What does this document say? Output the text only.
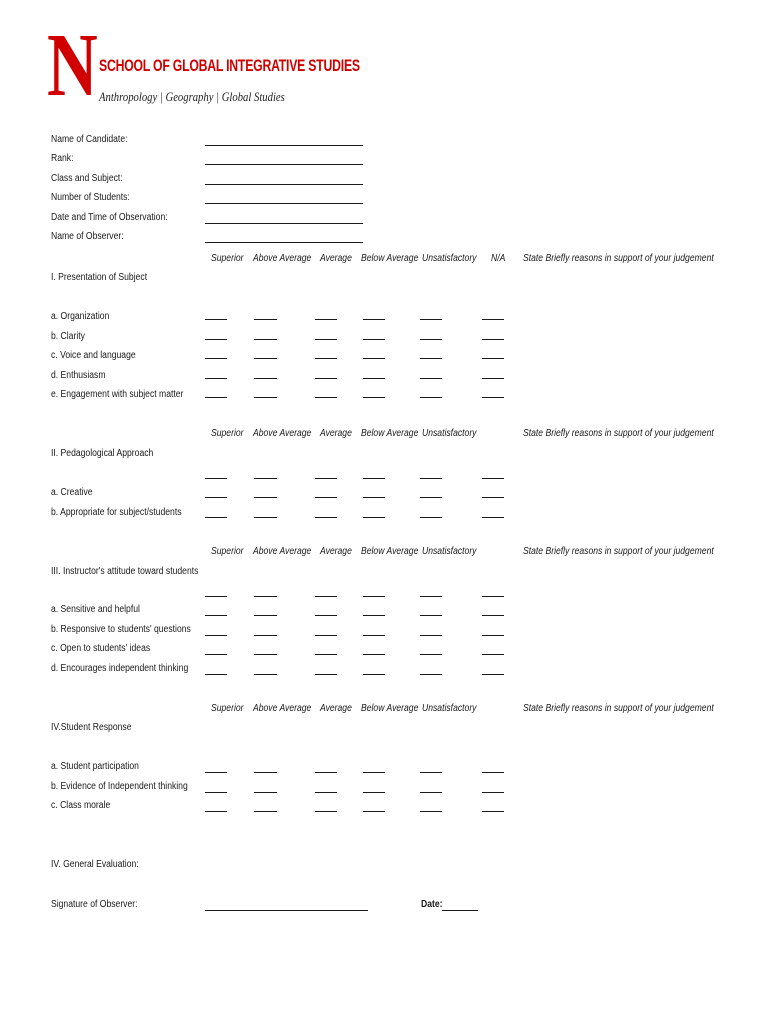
N SCHOOL OF GLOBAL INTEGRATIVE STUDIES
Anthropology | Geography | Global Studies
Name of Candidate:
Rank:
Class and Subject:
Number of Students:
Date and Time of Observation:
Name of Observer:
Superior Above Average Average Below Average Unsatisfactory N/A State Briefly reasons in support of your judgement
I. Presentation of Subject
a. Organization
b. Clarity
c. Voice and language
d. Enthusiasm
e. Engagement with subject matter
Superior Above Average Average Below Average Unsatisfactory	State Briefly reasons in support of your judgement
II. Pedagological Approach
a. Creative
b. Appropriate for subject/students
Superior Above Average Average Below Average Unsatisfactory	State Briefly reasons in support of your judgement
III. Instructor's attitude toward students
a. Sensitive and helpful
b. Responsive to students' questions
c. Open to students' ideas
d. Encourages independent thinking
Superior Above Average Average Below Average Unsatisfactory	State Briefly reasons in support of your judgement
IV.Student Response
a. Student participation
b. Evidence of Independent thinking
c. Class morale
IV. General Evaluation:
Signature of Observer:	Date:
